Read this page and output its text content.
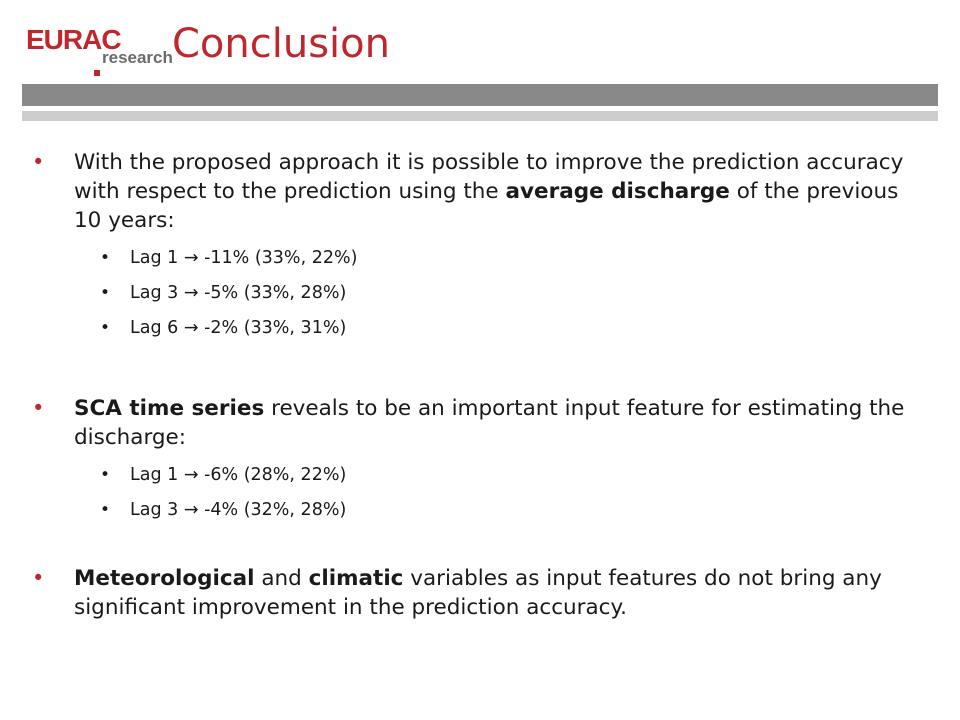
EURAC
research Conclusion
• With the proposed approach it is possible to improve the prediction accuracy with respect to the prediction using the average discharge of the previous 10 years:
• Lag 1 → -11% (33%, 22%)
• Lag 3 → -5% (33%, 28%)
• Lag 6 → -2% (33%, 31%)
• SCA time series reveals to be an important input feature for estimating the discharge:
• Lag 1 → -6% (28%, 22%)
• Lag 3 → -4% (32%, 28%)
• Meteorological and climatic variables as input features do not bring any significant improvement in the prediction accuracy.
